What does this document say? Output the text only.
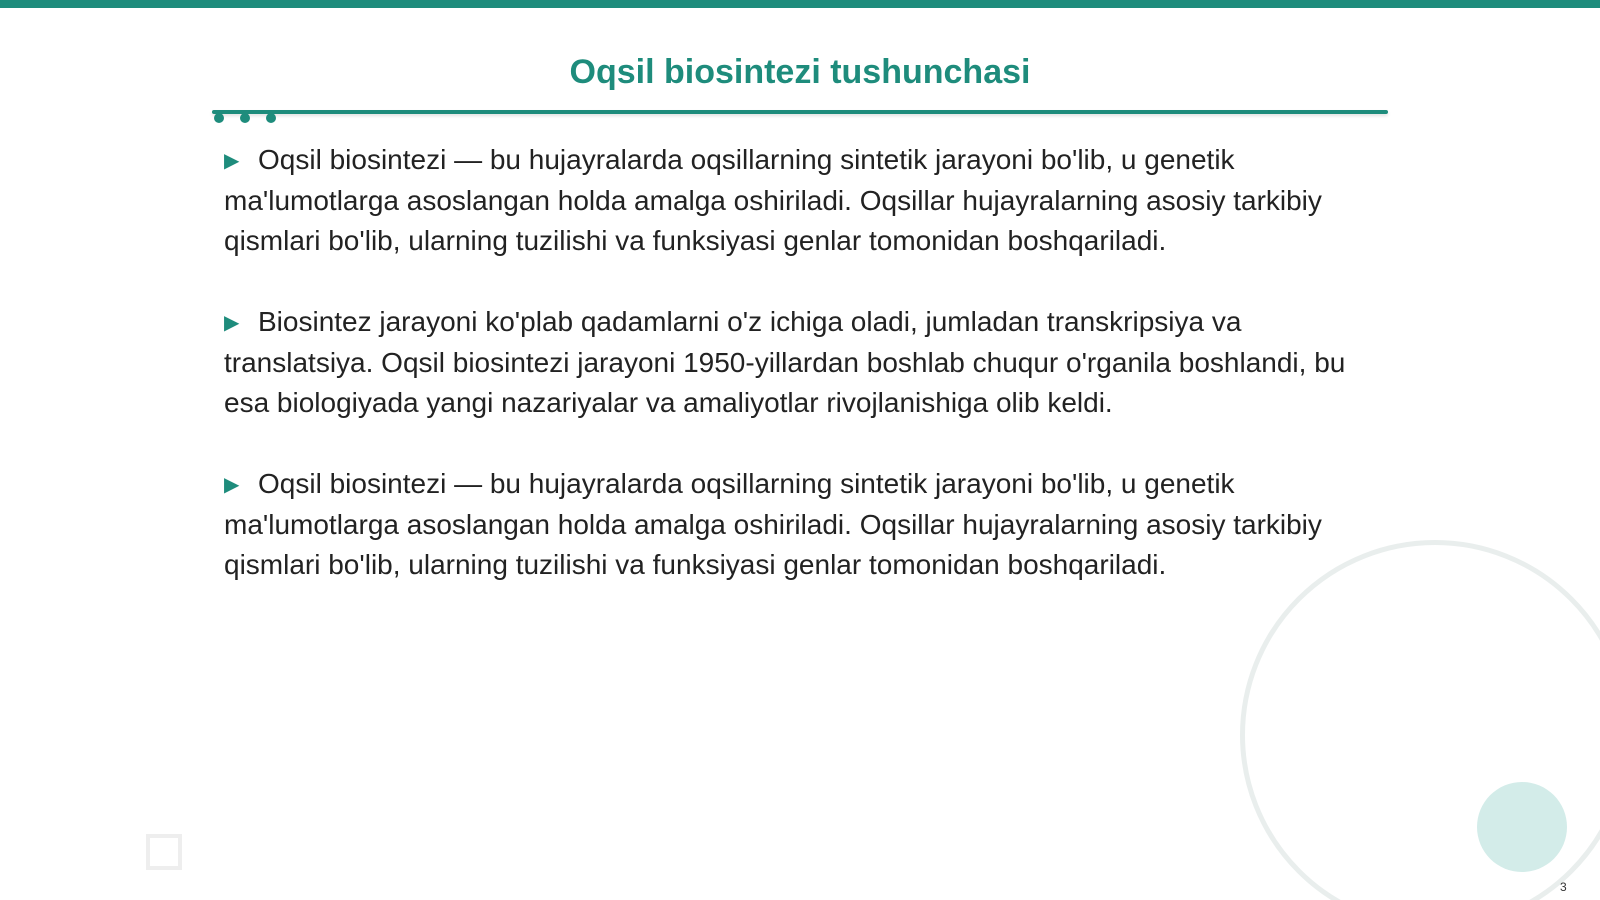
Oqsil biosintezi tushunchasi

▶ Oqsil biosintezi — bu hujayralarda oqsillarning sintetik jarayoni bo'lib, u genetik ma'lumotlarga asoslangan holda amalga oshiriladi. Oqsillar hujayralarning asosiy tarkibiy qismlari bo'lib, ularning tuzilishi va funksiyasi genlar tomonidan boshqariladi.

▶ Biosintez jarayoni ko'plab qadamlarni o'z ichiga oladi, jumladan transkripsiya va translatsiya. Oqsil biosintezi jarayoni 1950-yillardan boshlab chuqur o'rganila boshlandi, bu esa biologiyada yangi nazariyalar va amaliyotlar rivojlanishiga olib keldi.

▶ Oqsil biosintezi — bu hujayralarda oqsillarning sintetik jarayoni bo'lib, u genetik ma'lumotlarga asoslangan holda amalga oshiriladi. Oqsillar hujayralarning asosiy tarkibiy qismlari bo'lib, ularning tuzilishi va funksiyasi genlar tomonidan boshqariladi.

3
